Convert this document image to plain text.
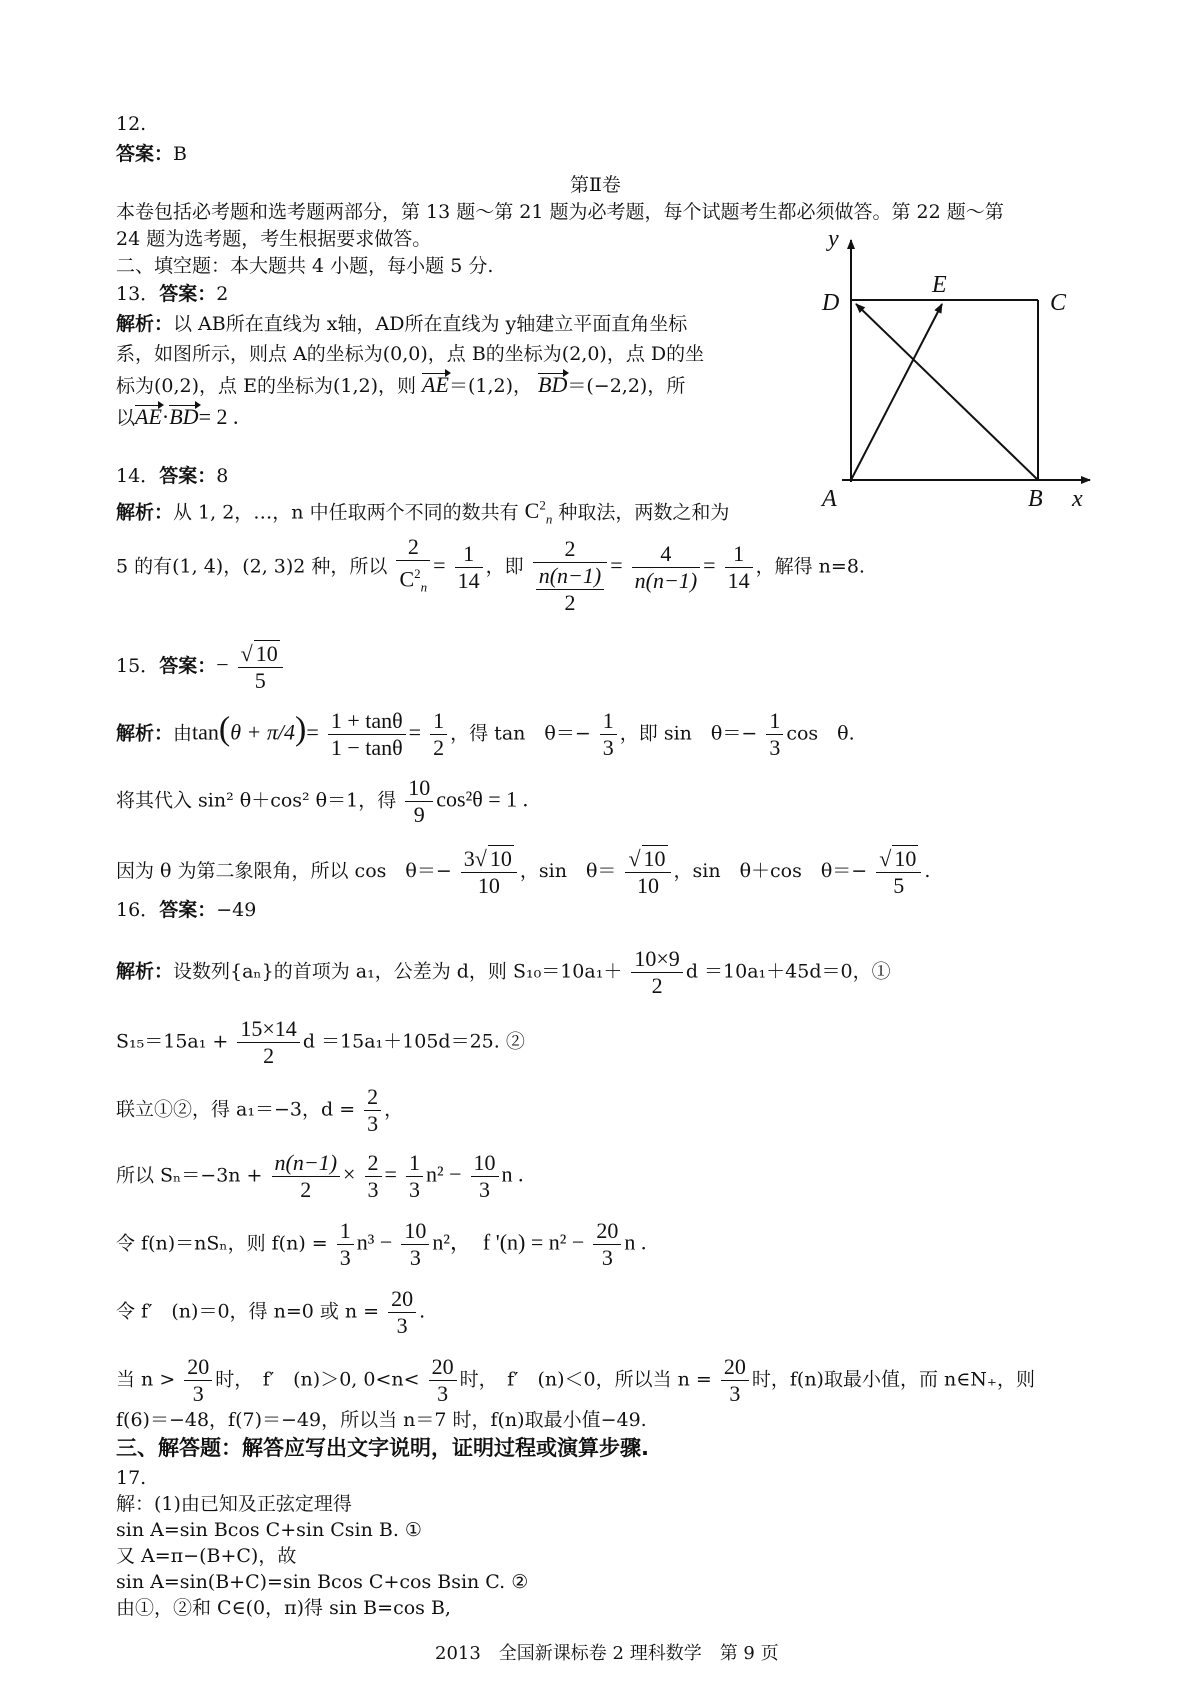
12.
答案：B
第Ⅱ卷
本卷包括必考题和选考题两部分，第 13 题～第 21 题为必考题，每个试题考生都必须做答。第 22 题～第
24 题为选考题，考生根据要求做答。
二、填空题：本大题共 4 小题，每小题 5 分.
13．答案：2
解析：以 AB所在直线为 x轴，AD所在直线为 y轴建立平面直角坐标
系，如图所示，则点 A的坐标为(0,0)，点 B的坐标为(2,0)，点 D的坐
标为(0,2)，点 E的坐标为(1,2)，则 AE＝(1,2)， BD＝(−2,2)，所
以AE·BD= 2 .
y
D
E
C
A	B x
14．答案：8
解析：从 1, 2，…，n 中任取两个不同的数共有 $C^2_n$ 种取法，两数之和为
5 的有(1, 4)，(2, 3)2 种，所以 $\frac{2}{C^2_n} = \frac{1}{14}$ ，即 $\frac{2}{\frac{n(n-1)}{2}} = \frac{4}{n(n-1)} = \frac{1}{14}$ ，解得 n=8.
15．答案：− $\frac{√ 10}{5}$
解析：由$\tan(\theta + \pi/4)= \frac{1 + \tan\theta}{1 - \tan\theta} = \frac{1}{2}$ ，得 tan　$\theta=- \frac{1}{3}$ ，即 sin　$\theta=- \frac{1}{3}$ cos　θ.
将其代入 sin² θ＋cos² θ＝1，得 $\frac{10}{9} \cos^2\theta = 1$ .
因为 θ 为第二象限角，所以 cos　$\theta=- \frac{3√ 10}{10}$ ，sin　$\theta= \frac{√ 10}{10}$ ，sin　θ＋cos　$\theta=- \frac{√ 10}{5}$ .
16．答案：−49
解析：设数列{aₙ}的首项为 a₁，公差为 d，则 $S_{10}=10a_1+ \frac{10\times 9}{2}$ d ＝10a₁＋45d＝0，①
$S_{15}=15a_1 + \frac{15\times 14}{2}$ d ＝15a₁＋105d＝25. ②
联立①②，得 a₁＝−3，$d = \frac{2}{3}$ ，
所以 $S_n=-3n + \frac{n(n-1)}{2} \times \frac{2}{3} = \frac{1}{3} n^2 - \frac{10}{3}$ n .
令 f(n)＝nSₙ，则 $f(n) = \frac{1}{3} n^3 - \frac{10}{3} n^2$，　f '$(n) = n^2 - \frac{20}{3}$ n .
令 f′　(n)＝0，得 n=0 或 $n = \frac{20}{3}$ .
当 $n > \frac{20}{3}$ 时，　f′　(n)＞0, $0<n< \frac{20}{3}$ 时，　f′　(n)＜0，所以当 $n = \frac{20}{3}$ 时，f(n)取最小值，而 n∈N₊，则
f(6)＝−48，f(7)＝−49，所以当 n＝7 时，f(n)取最小值−49.
三、解答题：解答应写出文字说明，证明过程或演算步骤.
17.
解：(1)由已知及正弦定理得
sin A=sin Bcos C+sin Csin B. ①
又 A=π−(B+C)，故
sin A=sin(B+C)=sin Bcos C+cos Bsin C. ②
由①，②和 C∈(0，π)得 sin B=cos B,
2013　全国新课标卷 2 理科数学　第 9 页
